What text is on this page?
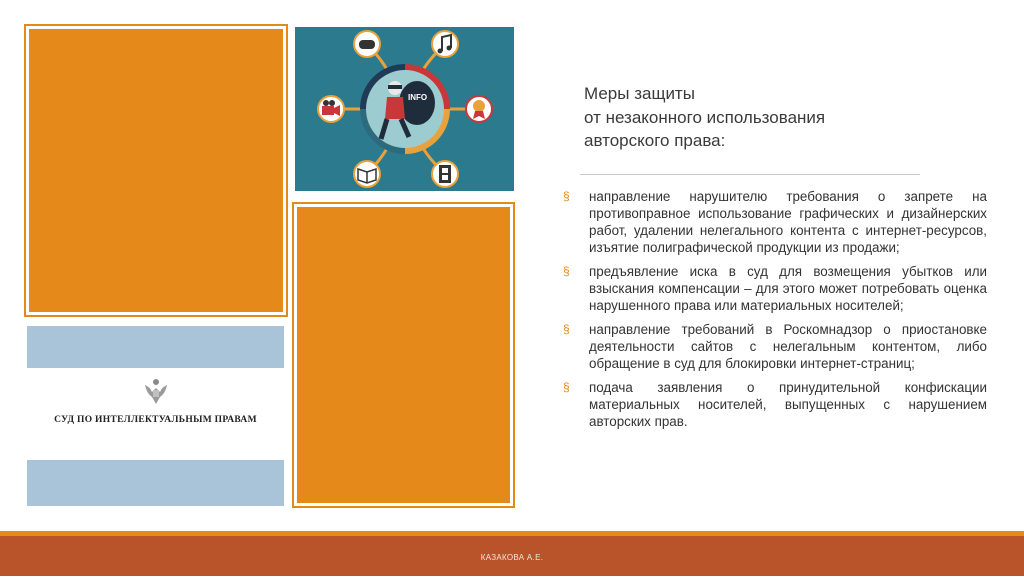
INFO
СУД ПО ИНТЕЛЛЕКТУАЛЬНЫМ ПРАВАМ
Меры защиты
от незаконного использования
авторского права:
§ направление нарушителю требования о запрете на противоправное использование графических и дизайнерских работ, удалении нелегального контента с интернет-ресурсов, изъятие полиграфической продукции из продажи;
§ предъявление иска в суд для возмещения убытков или взыскания компенсации – для этого может потребовать оценка нарушенного права или материальных носителей;
§ направление требований в Роскомнадзор о приостановке деятельности сайтов с нелегальным контентом, либо обращение в суд для блокировки интернет-страниц;
§ подача заявления о принудительной конфискации материальных носителей, выпущенных с нарушением авторских прав.
КАЗАКОВА А.Е.
